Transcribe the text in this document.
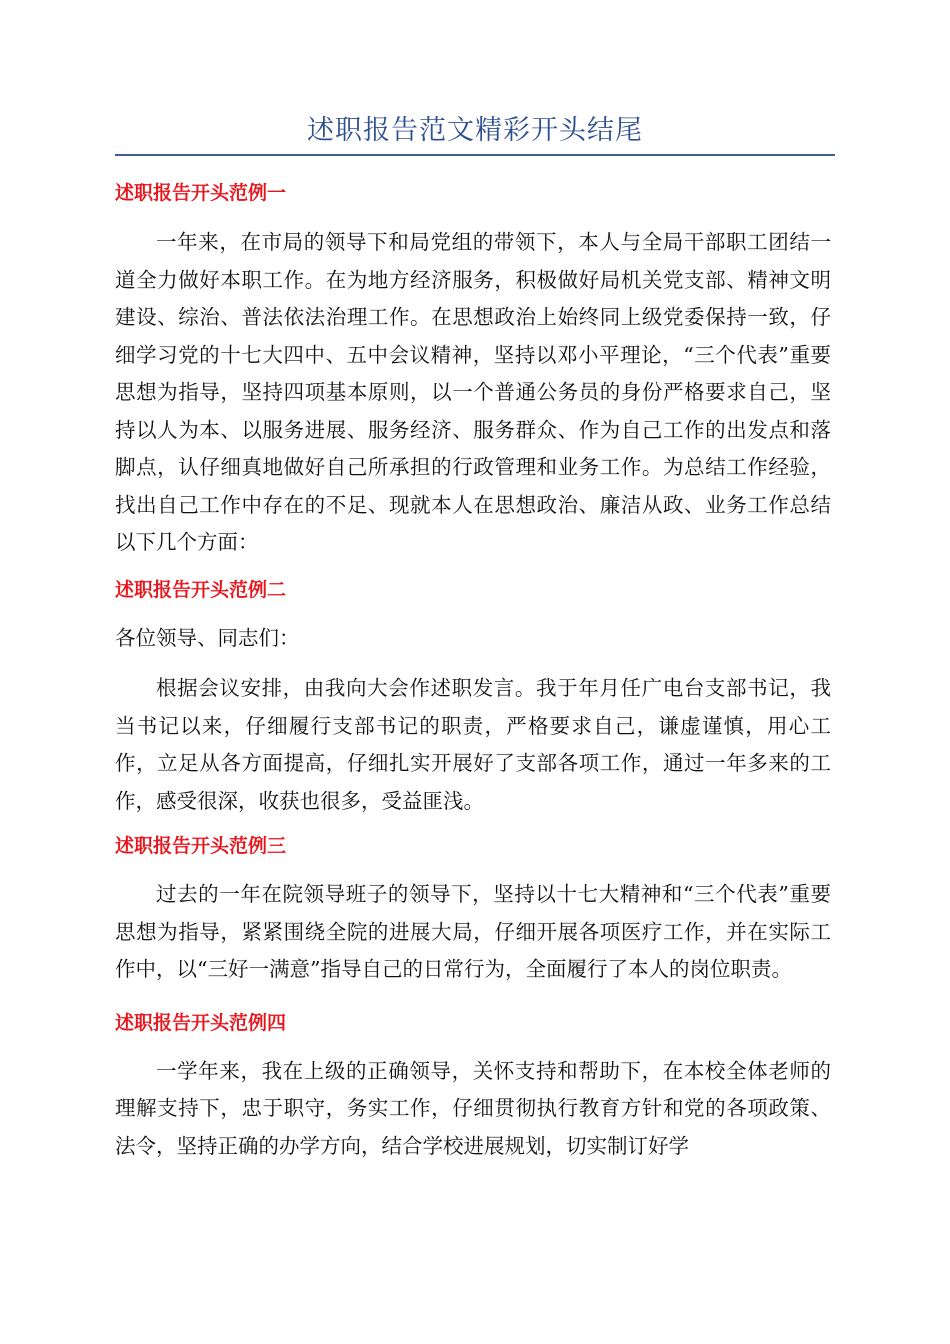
述职报告范文精彩开头结尾
述职报告开头范例一

一年来，在市局的领导下和局党组的带领下，本人与全局干部职工团结一道全力做好本职工作。在为地方经济服务，积极做好局机关党支部、精神文明建设、综治、普法依法治理工作。在思想政治上始终同上级党委保持一致，仔细学习党的十七大四中、五中会议精神，坚持以邓小平理论，“三个代表”重要思想为指导，坚持四项基本原则，以一个普通公务员的身份严格要求自己，坚持以人为本、以服务进展、服务经济、服务群众、作为自己工作的出发点和落脚点，认仔细真地做好自己所承担的行政管理和业务工作。为总结工作经验，找出自己工作中存在的不足、现就本人在思想政治、廉洁从政、业务工作总结以下几个方面：

述职报告开头范例二

各位领导、同志们：

根据会议安排，由我向大会作述职发言。我于年月任广电台支部书记，我当书记以来，仔细履行支部书记的职责，严格要求自己，谦虚谨慎，用心工作，立足从各方面提高，仔细扎实开展好了支部各项工作，通过一年多来的工作，感受很深，收获也很多，受益匪浅。

述职报告开头范例三

过去的一年在院领导班子的领导下，坚持以十七大精神和“三个代表”重要思想为指导，紧紧围绕全院的进展大局，仔细开展各项医疗工作，并在实际工作中，以“三好一满意”指导自己的日常行为，全面履行了本人的岗位职责。

述职报告开头范例四

一学年来，我在上级的正确领导，关怀支持和帮助下，在本校全体老师的理解支持下，忠于职守，务实工作，仔细贯彻执行教育方针和党的各项政策、法令，坚持正确的办学方向，结合学校进展规划，切实制订好学
